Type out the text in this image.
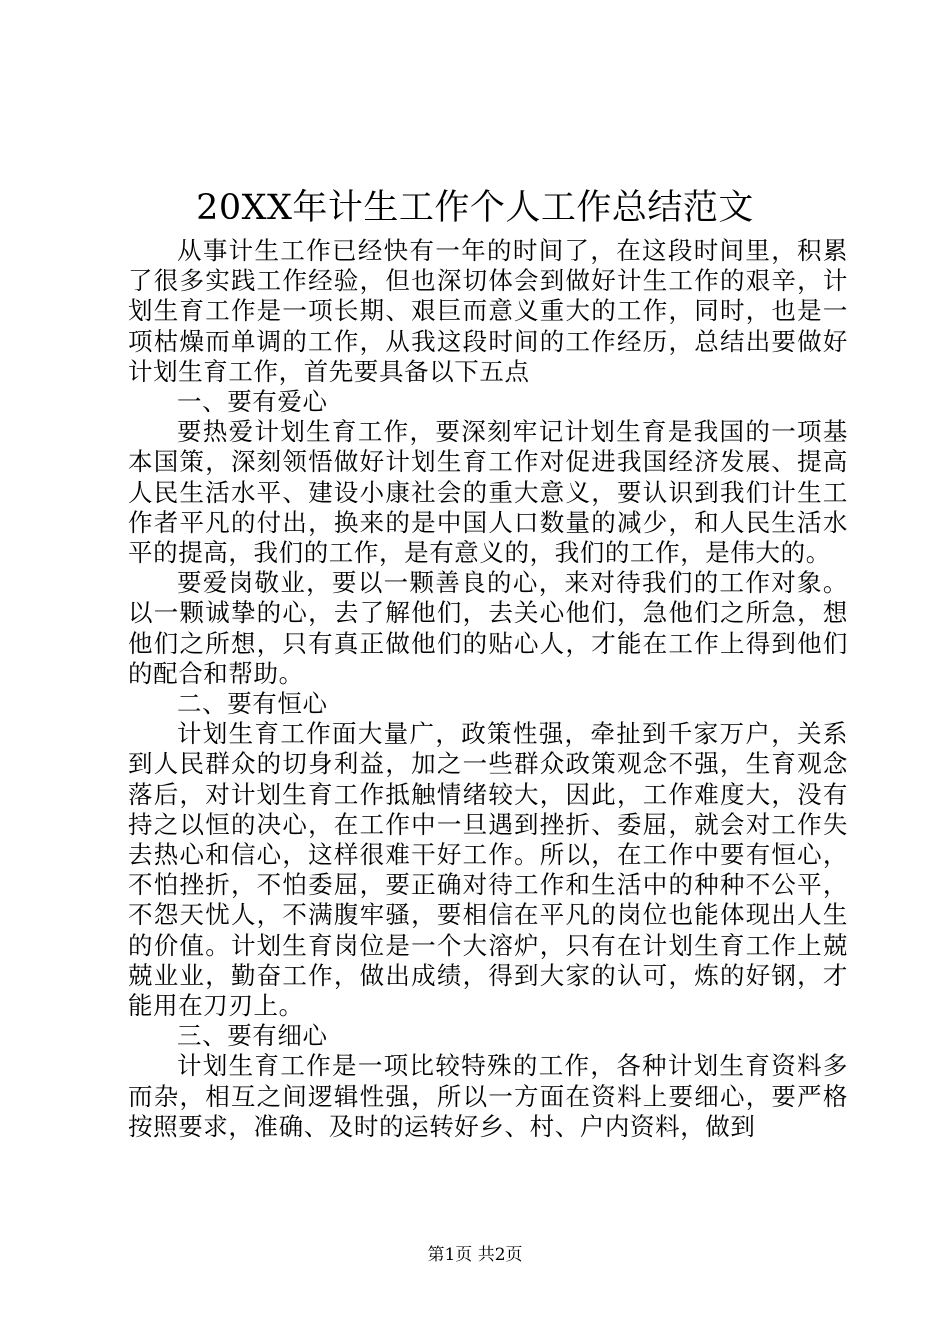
20XX年计生工作个人工作总结范文

从事计生工作已经快有一年的时间了，在这段时间里，积累了很多实践工作经验，但也深切体会到做好计生工作的艰辛，计划生育工作是一项长期、艰巨而意义重大的工作，同时，也是一项枯燥而单调的工作，从我这段时间的工作经历，总结出要做好计划生育工作，首先要具备以下五点

一、要有爱心

要热爱计划生育工作，要深刻牢记计划生育是我国的一项基本国策，深刻领悟做好计划生育工作对促进我国经济发展、提高人民生活水平、建设小康社会的重大意义，要认识到我们计生工作者平凡的付出，换来的是中国人口数量的减少，和人民生活水平的提高，我们的工作，是有意义的，我们的工作，是伟大的。

要爱岗敬业，要以一颗善良的心，来对待我们的工作对象。以一颗诚挚的心，去了解他们，去关心他们，急他们之所急，想他们之所想，只有真正做他们的贴心人，才能在工作上得到他们的配合和帮助。

二、要有恒心

计划生育工作面大量广，政策性强，牵扯到千家万户，关系到人民群众的切身利益，加之一些群众政策观念不强，生育观念落后，对计划生育工作抵触情绪较大，因此，工作难度大，没有持之以恒的决心，在工作中一旦遇到挫折、委屈，就会对工作失去热心和信心，这样很难干好工作。所以，在工作中要有恒心，不怕挫折，不怕委屈，要正确对待工作和生活中的种种不公平，不怨天忧人，不满腹牢骚，要相信在平凡的岗位也能体现出人生的价值。计划生育岗位是一个大溶炉，只有在计划生育工作上兢兢业业，勤奋工作，做出成绩，得到大家的认可，炼的好钢，才能用在刀刃上。

三、要有细心

计划生育工作是一项比较特殊的工作，各种计划生育资料多而杂，相互之间逻辑性强，所以一方面在资料上要细心，要严格按照要求，准确、及时的运转好乡、村、户内资料，做到

第1页 共2页
